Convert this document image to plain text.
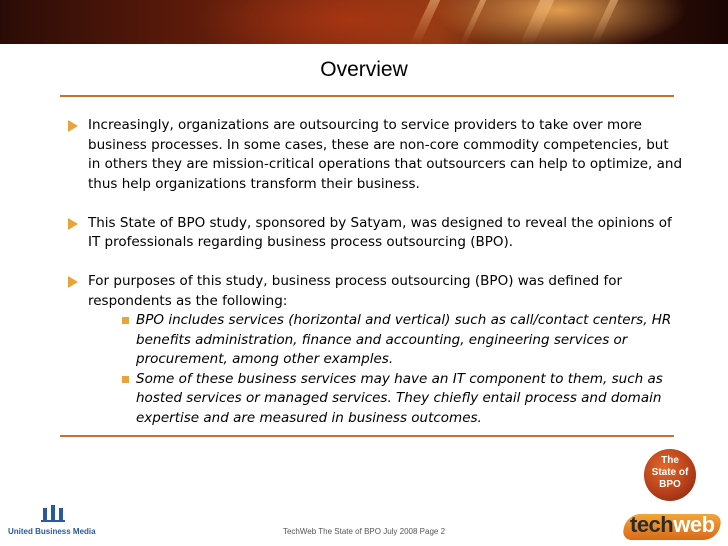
Overview
Increasingly, organizations are outsourcing to service providers to take over more business processes. In some cases, these are non-core commodity competencies, but in others they are mission-critical operations that outsourcers can help to optimize, and thus help organizations transform their business.
This State of BPO study, sponsored by Satyam, was designed to reveal the opinions of IT professionals regarding business process outsourcing (BPO).
For purposes of this study, business process outsourcing (BPO) was defined for respondents as the following:
BPO includes services (horizontal and vertical) such as call/contact centers, HR benefits administration, finance and accounting, engineering services or procurement, among other examples.
Some of these business services may have an IT component to them, such as hosted services or managed services. They chiefly entail process and domain expertise and are measured in business outcomes.
The
State of
BPO
United Business Media	TechWeb The State of BPO July 2008 Page 2	techweb
